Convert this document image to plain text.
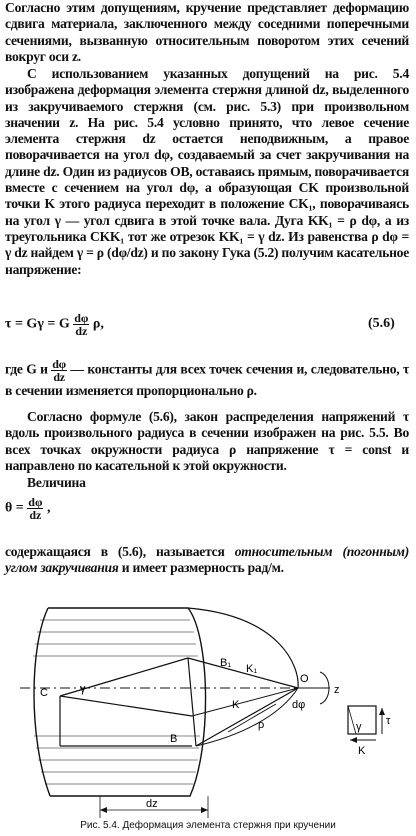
Согласно этим допущениям, кручение представляет деформацию сдвига материала, заключенного между соседними поперечными сечениями, вызванную относительным поворотом этих сечений вокруг оси z.
С использованием указанных допущений на рис. 5.4 изображена деформация элемента стержня длиной dz, выделенного из закручиваемого стержня (см. рис. 5.3) при произвольном значении z. На рис. 5.4 условно принято, что левое сечение элемента стержня dz остается неподвижным, а правое поворачивается на угол dφ, создаваемый за счет закручивания на длине dz. Один из радиусов OB, оставаясь прямым, поворачивается вместе с сечением на угол dφ, а образующая CK произвольной точки K этого радиуса переходит в положение CK₁, поворачиваясь на угол γ — угол сдвига в этой точке вала. Дуга KK₁ = ρ dφ, а из треугольника CKK₁ тот же отрезок KK₁ = γ dz. Из равенства ρ dφ = γ dz найдем γ = ρ (dφ/dz) и по закону Гука (5.2) получим касательное напряжение:
τ = Gγ = G $\frac{d\varphi}{dz} \rho$,	(5.6)
где G и $\frac{d\varphi}{dz}$ — константы для всех точек сечения и, следовательно, τ в сечении изменяется пропорционально ρ.
Согласно формуле (5.6), закон распределения напряжений τ вдоль произвольного радиуса в сечении изображен на рис. 5.5. Во всех точках окружности радиуса ρ напряжение τ = const и направлено по касательной к этой окружности.
Величина
$\theta = \frac{d\varphi}{dz}$ ,
содержащаяся в (5.6), называется относительным (погонным) углом закручивания и имеет размерность рад/м.
C	γ
B₁ K₁
O
z
dφ
K
ρ
B
dz
τ
γ
K
Рис. 5.4. Деформация элемента стержня при кручении
